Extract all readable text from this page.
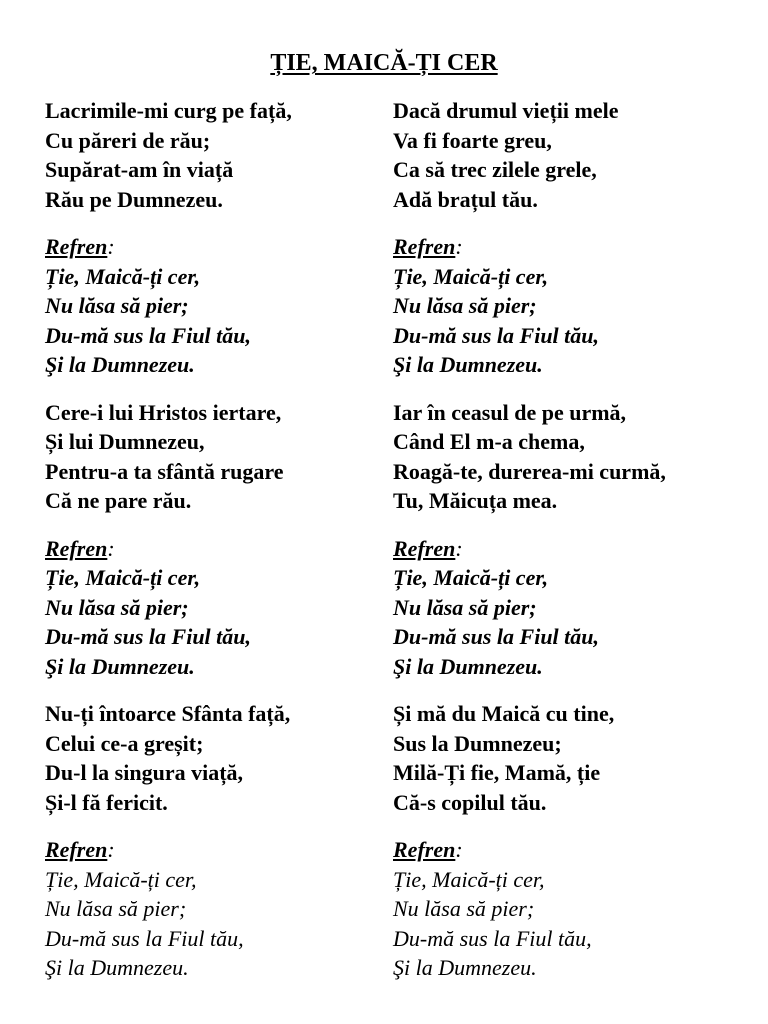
ȚIE, MAICĂ-ȚI CER
Lacrimile-mi curg pe față,
Cu păreri de rău;
Supărat-am în viață
Rău pe Dumnezeu.
Refren:
Ție, Maică-ți cer,
Nu lăsa să pier;
Du-mă sus la Fiul tău,
Şi la Dumnezeu.
Cere-i lui Hristos iertare,
Și lui Dumnezeu,
Pentru-a ta sfântă rugare
Că ne pare rău.
Refren:
Ție, Maică-ți cer,
Nu lăsa să pier;
Du-mă sus la Fiul tău,
Şi la Dumnezeu.
Nu-ți întoarce Sfânta față,
Celui ce-a greșit;
Du-l la singura viață,
Și-l fă fericit.
Refren:
Ție, Maică-ți cer,
Nu lăsa să pier;
Du-mă sus la Fiul tău,
Şi la Dumnezeu.
Dacă drumul vieții mele
Va fi foarte greu,
Ca să trec zilele grele,
Adă brațul tău.
Refren:
Ție, Maică-ți cer,
Nu lăsa să pier;
Du-mă sus la Fiul tău,
Şi la Dumnezeu.
Iar în ceasul de pe urmă,
Când El m-a chema,
Roagă-te, durerea-mi curmă,
Tu, Măicuța mea.
Refren:
Ție, Maică-ți cer,
Nu lăsa să pier;
Du-mă sus la Fiul tău,
Şi la Dumnezeu.
Și mă du Maică cu tine,
Sus la Dumnezeu;
Milă-Ți fie, Mamă, ție
Că-s copilul tău.
Refren:
Ție, Maică-ți cer,
Nu lăsa să pier;
Du-mă sus la Fiul tău,
Şi la Dumnezeu.
